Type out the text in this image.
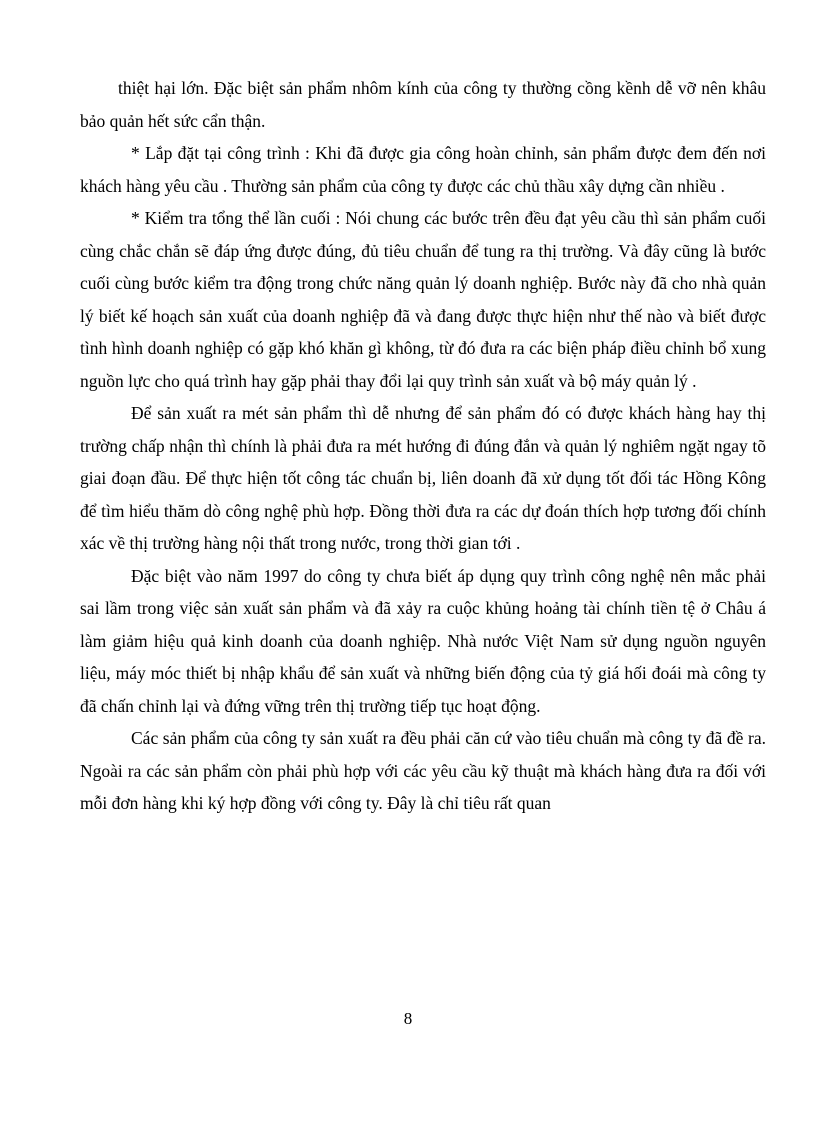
thiệt hại lớn. Đặc biệt sản phẩm nhôm kính của công ty thường cồng kềnh dễ vỡ nên khâu bảo quản hết sức cẩn thận.

* Lắp đặt tại công trình : Khi đã được gia công hoàn chỉnh, sản phẩm được đem đến nơi khách hàng yêu cầu . Thường sản phẩm của công ty được các chủ thầu xây dựng cần nhiều .

* Kiểm tra tổng thể lần cuối : Nói chung các bước trên đều đạt yêu cầu thì sản phẩm cuối cùng chắc chắn sẽ đáp ứng được đúng, đủ tiêu chuẩn để tung ra thị trường. Và đây cũng là bước cuối cùng bước kiểm tra động trong chức năng quản lý doanh nghiệp. Bước này đã cho nhà quản lý biết kế hoạch sản xuất của doanh nghiệp đã và đang được thực hiện như thế nào và biết được tình hình doanh nghiệp có gặp khó khăn gì không, từ đó đưa ra các biện pháp điều chỉnh bổ xung nguồn lực cho quá trình hay gặp phải thay đổi lại quy trình sản xuất và bộ máy quản lý .

Để sản xuất ra mét sản phẩm thì dễ nhưng để sản phẩm đó có được khách hàng hay thị trường chấp nhận thì chính là phải đưa ra mét hướng đi đúng đắn và quản lý nghiêm ngặt ngay tõ giai đoạn đầu. Để thực hiện tốt công tác chuẩn bị, liên doanh đã xử dụng tốt đối tác Hồng Kông để tìm hiểu thăm dò công nghệ phù hợp. Đồng thời đưa ra các dự đoán thích hợp tương đối chính xác về thị trường hàng nội thất trong nước, trong thời gian tới .

Đặc biệt vào năm 1997 do công ty chưa biết áp dụng quy trình công nghệ nên mắc phải sai lầm trong việc sản xuất sản phẩm và đã xảy ra cuộc khủng hoảng tài chính tiền tệ ở Châu á làm giảm hiệu quả kinh doanh của doanh nghiệp. Nhà nước Việt Nam sử dụng nguồn nguyên liệu, máy móc thiết bị nhập khẩu để sản xuất và những biến động của tỷ giá hối đoái mà công ty đã chấn chỉnh lại và đứng vững trên thị trường tiếp tục hoạt động.

Các sản phẩm của công ty sản xuất ra đều phải căn cứ vào tiêu chuẩn mà công ty đã đề ra. Ngoài ra các sản phẩm còn phải phù hợp với các yêu cầu kỹ thuật mà khách hàng đưa ra đối với mỗi đơn hàng khi ký hợp đồng với công ty. Đây là chỉ tiêu rất quan

8
